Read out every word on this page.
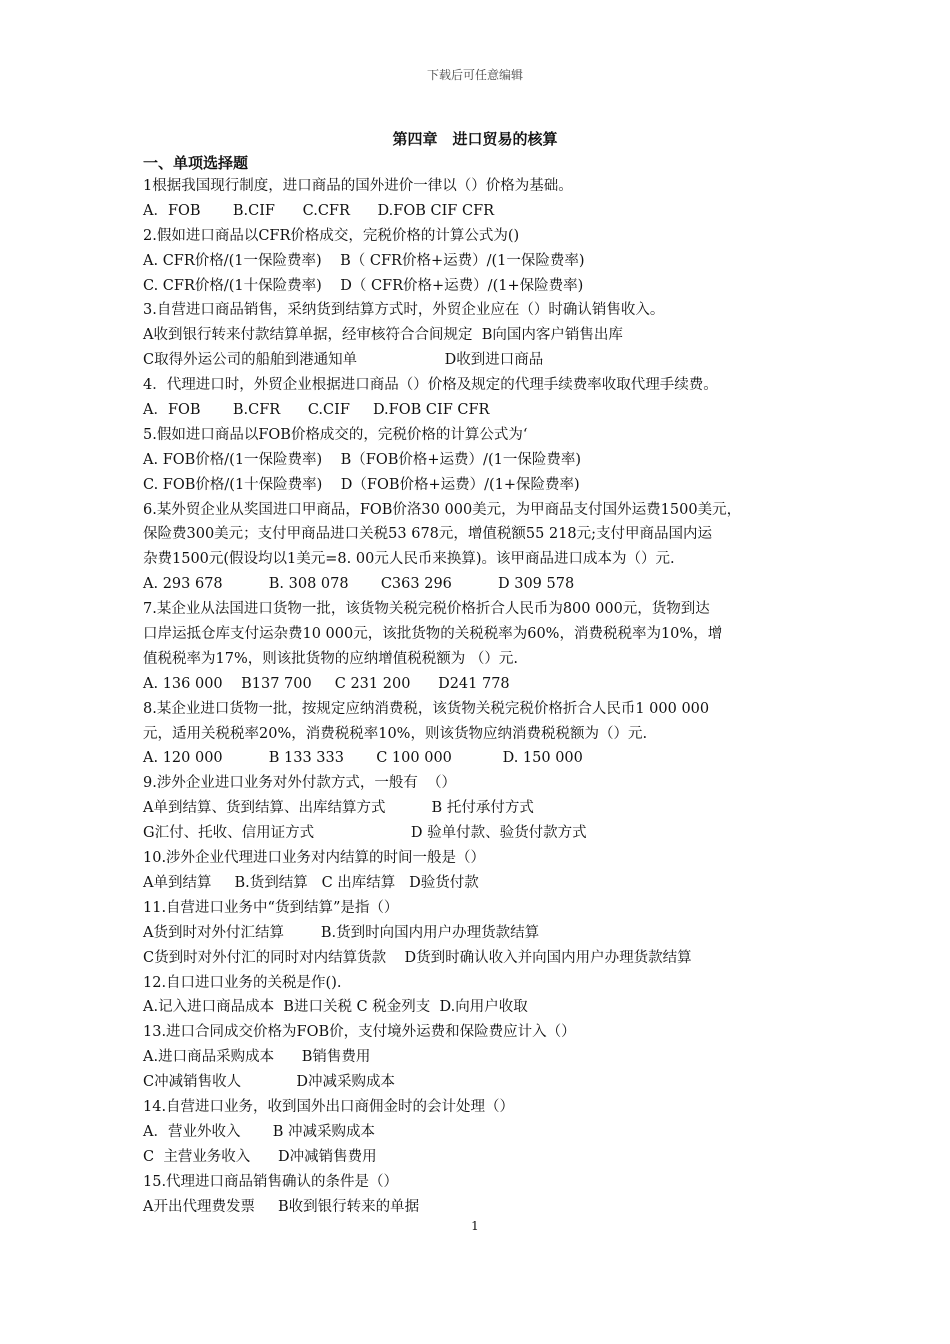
下载后可任意编辑
第四章　进口贸易的核算
一、单项选择题
1根据我国现行制度，进口商品的国外进价一律以（）价格为基础。
A．FOB       B.CIF      C.CFR      D.FOB CIF CFR
2.假如进口商品以CFR价格成交，完税价格的计算公式为()
A. CFR价格/(1一保险费率)    B（ CFR价格+运费）/(1一保险费率)
C. CFR价格/(1十保险费率)    D（ CFR价格+运费）/(1+保险费率)
3.自营进口商品销售，采纳货到结算方式时，外贸企业应在（）时确认销售收入。
A收到银行转来付款结算单据，经审核符合合间规定  B向国内客户销售出库
C取得外运公司的船舶到港通知单                   D收到进口商品
4．代理进口时，外贸企业根据进口商品（）价格及规定的代理手续费率收取代理手续费。
A．FOB       B.CFR      C.CIF     D.FOB CIF CFR
5.假如进口商品以FOB价格成交的，完税价格的计算公式为‘
A. FOB价格/(1一保险费率)    B（FOB价格+运费）/(1一保险费率)
C. FOB价格/(1十保险费率)    D（FOB价格+运费）/(1+保险费率)
6.某外贸企业从奖国进口甲商品，FOB价洛30 000美元，为甲商品支付国外运费1500美元，
保险费300美元；支付甲商品进口关税53 678元，增值税额55 218元;支付甲商品国内运
杂费1500元(假设均以1美元=8. 00元人民币来换算)。该甲商品进口成本为（）元.
A. 293 678          B. 308 078       C363 296          D 309 578
7.某企业从法国进口货物一批，该货物关税完税价格折合人民币为800 000元，货物到达
口岸运抵仓库支付运杂费10 000元，该批货物的关税税率为60%，消费税税率为10%，增
值税税率为17%，则该批货物的应纳增值税税额为 （）元.
A. 136 000    B137 700     C 231 200      D241 778
8.某企业进口货物一批，按规定应纳消费税，该货物关税完税价格折合人民币1 000 000
元，适用关税税率20%，消费税税率10%，则该货物应纳消费税税额为（）元.
A. 120 000          B 133 333       C 100 000           D. 150 000
9.涉外企业进口业务对外付款方式，一般有  （）
A单到结算、货到结算、出库结算方式          B 托付承付方式
G汇付、托收、信用证方式                     D 验单付款、验货付款方式
10.涉外企业代理进口业务对内结算的时间一般是（）
A单到结算     B.货到结算   C 出库结算   D验货付款
11.自营进口业务中“货到结算”是指（）
A货到时对外付汇结算        B.货到时向国内用户办理货款结算
C货到时对外付汇的同时对内结算货款    D货到时确认收入并向国内用户办理货款结算
12.自口进口业务的关税是作().
A.记入进口商品成本  B进口关税 C 税金列支  D.向用户收取
13.进口合同成交价格为FOB价，支付境外运费和保险费应计入（）
A.进口商品采购成本      B销售费用
C冲减销售收人            D冲减采购成本
14.自营进口业务，收到国外出口商佣金时的会计处理（）
A．营业外收入       B 冲减采购成本
C  主营业务收入      D冲减销售费用
15.代理进口商品销售确认的条件是（）
A开出代理费发票     B收到银行转来的单据
1
